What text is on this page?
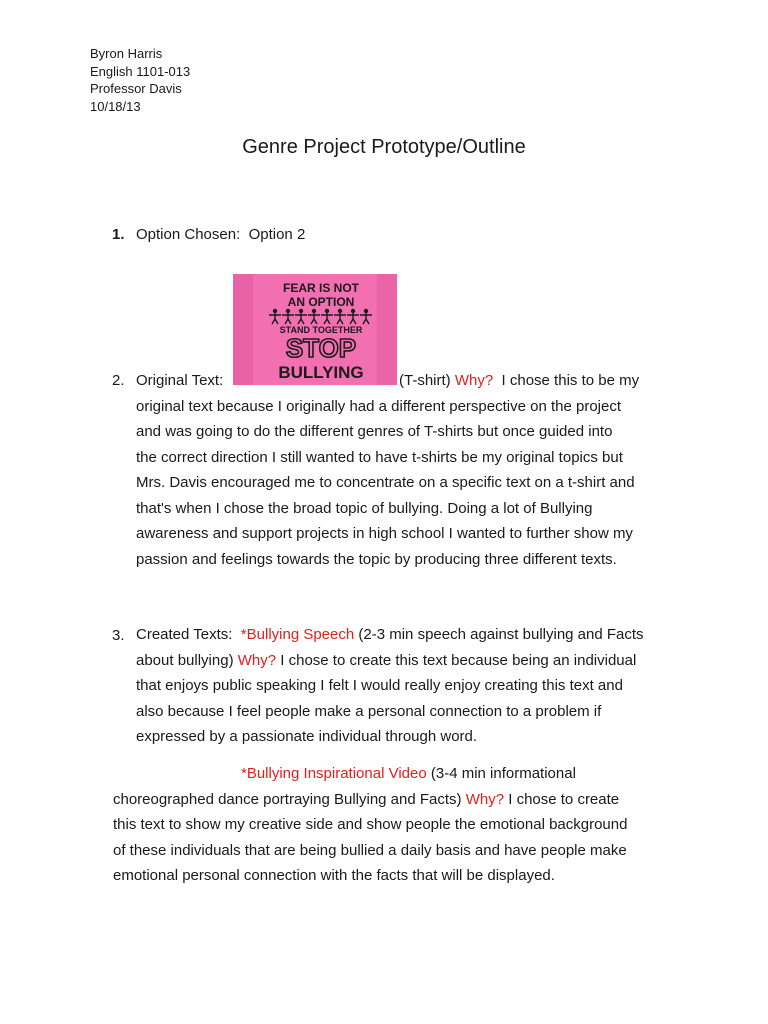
Byron Harris
English 1101-013
Professor Davis
10/18/13
Genre Project Prototype/Outline
1. Option Chosen: Option 2
FEAR IS NOT
AN OPTION
STAND TOGETHER
STOP
BULLYING
2. Original Text:	(T-shirt) Why? I chose this to be my
original text because I originally had a different perspective on the project
and was going to do the different genres of T-shirts but once guided into
the correct direction I still wanted to have t-shirts be my original topics but
Mrs. Davis encouraged me to concentrate on a specific text on a t-shirt and
that's when I chose the broad topic of bullying. Doing a lot of Bullying
awareness and support projects in high school I wanted to further show my
passion and feelings towards the topic by producing three different texts.
3. Created Texts: *Bullying Speech (2-3 min speech against bullying and Facts
about bullying) Why? I chose to create this text because being an individual
that enjoys public speaking I felt I would really enjoy creating this text and
also because I feel people make a personal connection to a problem if
expressed by a passionate individual through word.
*Bullying Inspirational Video (3-4 min informational
choreographed dance portraying Bullying and Facts) Why? I chose to create
this text to show my creative side and show people the emotional background
of these individuals that are being bullied a daily basis and have people make
emotional personal connection with the facts that will be displayed.
